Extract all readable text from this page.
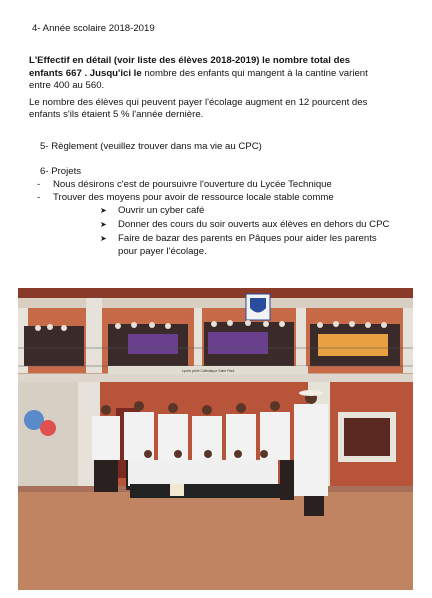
4- Année scolaire 2018-2019
L'Effectif en détail (voir liste des élèves 2018-2019) le nombre total des
enfants 667 . Jusqu'ici le nombre des enfants qui mangent à la cantine varient
entre 400 au 560.
Le nombre des élèves qui peuvent payer l'écolage augment en 12 pourcent des
enfants s'ils étaient 5 % l'année dernière.
5- Règlement (veuillez trouver dans ma vie au CPC)
6- Projets
- Nous désirons c'est de poursuivre l'ouverture du Lycée Technique
- Trouver des moyens pour avoir de ressource locale stable comme
➤ Ouvrir un cyber café
➤ Donner des cours du soir ouverts aux élèves en dehors du CPC
➤ Faire de bazar des parents en Pâques pour aider les parents
pour payer l'écolage.
Lycée privé Catholique Saint Paul
